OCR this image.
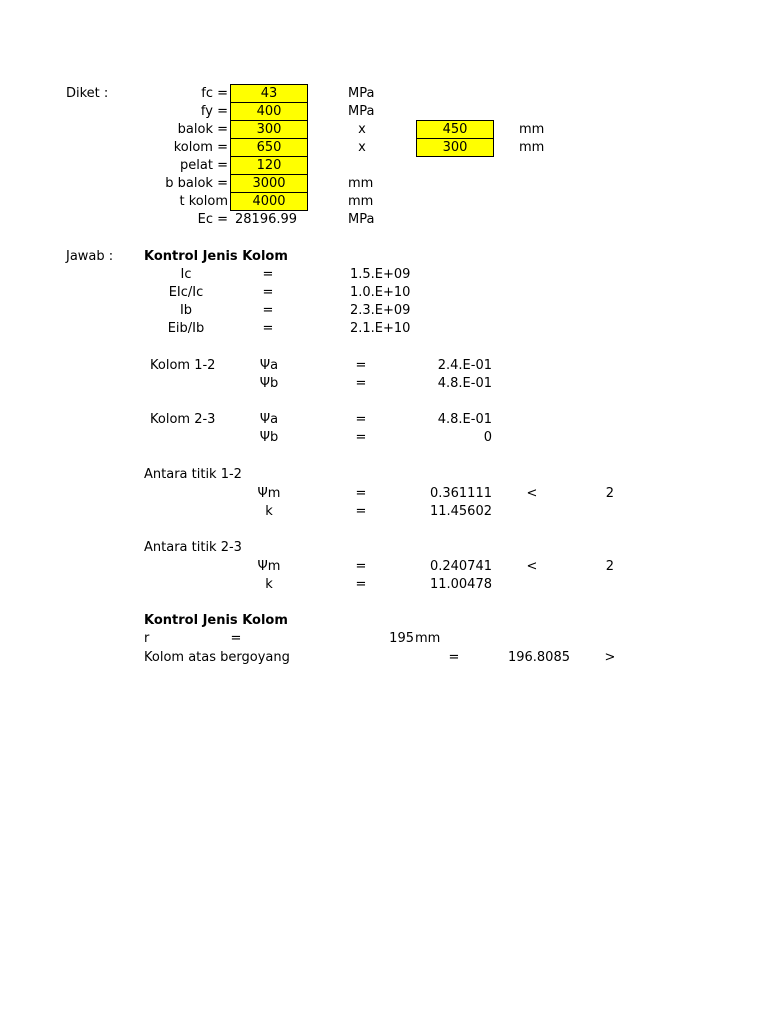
Diket :	fc =	43	MPa
fy =	400	MPa
balok =	300	x	450	mm
kolom =	650	x	300	mm
pelat =	120
b balok =	3000	mm
t kolom	4000	mm
Ec = 28196.99	MPa
Jawab : Kontrol Jenis Kolom
Ic	=	1.5.E+09
EIc/Ic	=	1.0.E+10
Ib	=	2.3.E+09
Eib/Ib	=	2.1.E+10
Kolom 1-2	Ψa	=	2.4.E-01
Ψb	=	4.8.E-01
Kolom 2-3	Ψa	=	4.8.E-01
Ψb	=	0
Antara titik 1-2
Ψm	=	0.361111	<	2
k	=	11.45602
Antara titik 2-3
Ψm	=	0.240741	<	2
k	=	11.00478
Kontrol Jenis Kolom
r	=	195 mm
Kolom atas bergoyang	=	196.8085	>
